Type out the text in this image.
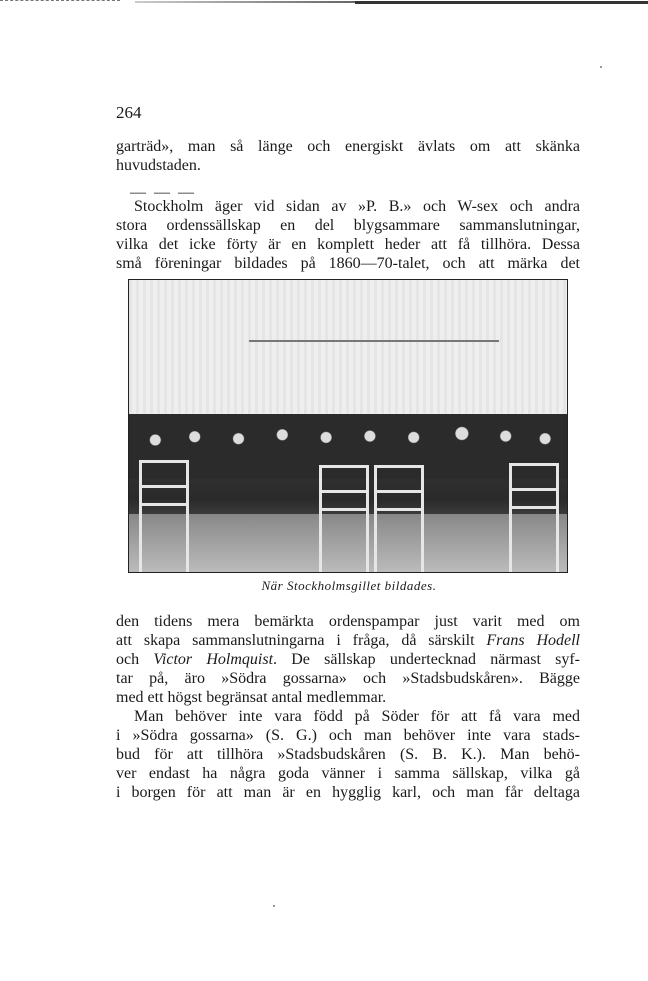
264
garträd», man så länge och energiskt ävlats om att skänka
huvudstaden.
— — —
Stockholm äger vid sidan av »P. B.» och W-sex och andra
stora ordenssällskap en del blygsammare sammanslutningar,
vilka det icke förty är en komplett heder att få tillhöra. Dessa
små föreningar bildades på 1860—70-talet, och att märka det
När Stockholmsgillet bildades.
den tidens mera bemärkta ordenspampar just varit med om
att skapa sammanslutningarna i fråga, då särskilt Frans Hodell
och Victor Holmquist. De sällskap undertecknad närmast syf-
tar på, äro »Södra gossarna» och »Stadsbudskåren». Bägge
med ett högst begränsat antal medlemmar.
Man behöver inte vara född på Söder för att få vara med
i »Södra gossarna» (S. G.) och man behöver inte vara stads-
bud för att tillhöra »Stadsbudskåren (S. B. K.). Man behö-
ver endast ha några goda vänner i samma sällskap, vilka gå
i borgen för att man är en hygglig karl, och man får deltaga
